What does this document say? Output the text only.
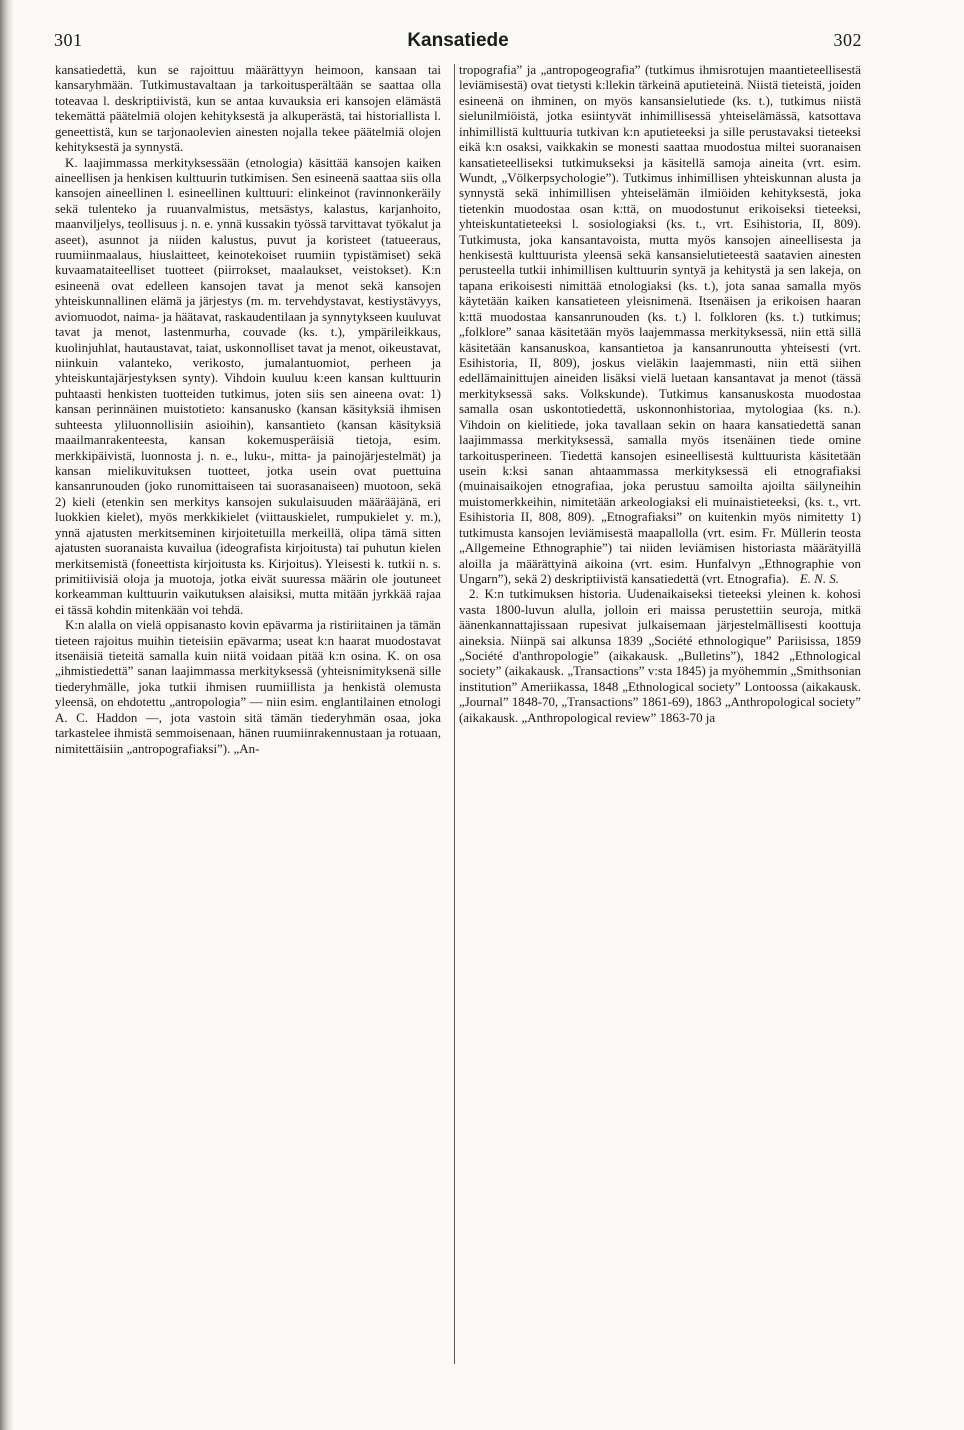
301	Kansatiede	302

kansatiedettä, kun se rajoittuu määrättyyn heimoon, kansaan tai kansaryhmään. Tutkimustavaltaan ja tarkoitusperältään se saattaa olla toteavaa l. deskriptiivistä, kun se antaa kuvauksia eri kansojen elämästä tekemättä päätelmiä olojen kehityksestä ja alkuperästä, tai historiallista l. geneettistä, kun se tarjonaolevien ainesten nojalla tekee päätelmiä olojen kehityksestä ja synnystä.

K. laajimmassa merkityksessään (etnologia) käsittää kansojen kaiken aineellisen ja henkisen kulttuurin tutkimisen. Sen esineenä saattaa siis olla kansojen aineellinen l. esineellinen kulttuuri: elinkeinot (ravinnonkeräily sekä tulenteko ja ruuanvalmistus, metsästys, kalastus, karjanhoito, maanviljelys, teollisuus j. n. e. ynnä kussakin työssä tarvittavat työkalut ja aseet), asunnot ja niiden kalustus, puvut ja koristeet (tatueeraus, ruumiinmaalaus, hiuslaitteet, keinotekoiset ruumiin typistämiset) sekä kuvaamataiteelliset tuotteet (piirrokset, maalaukset, veistokset). K:n esineenä ovat edelleen kansojen tavat ja menot sekä kansojen yhteiskunnallinen elämä ja järjestys (m. m. tervehdystavat, kestiystävyys, aviomuodot, naima- ja häätavat, raskaudentilaan ja synnytykseen kuuluvat tavat ja menot, lastenmurha, couvade (ks. t.), ympärileikkaus, kuolinjuhlat, hautaustavat, taiat, uskonnolliset tavat ja menot, oikeustavat, niinkuin valanteko, verikosto, jumalantuomiot, perheen ja yhteiskuntajärjestyksen synty). Vihdoin kuuluu k:een kansan kulttuurin puhtaasti henkisten tuotteiden tutkimus, joten siis sen aineena ovat: 1) kansan perinnäinen muistotieto: kansanusko (kansan käsityksiä ihmisen suhteesta yliluonnollisiin asioihin), kansantieto (kansan käsityksiä maailmanrakenteesta, kansan kokemusperäisiä tietoja, esim. merkkipäivistä, luonnosta j. n. e., luku-, mitta- ja painojärjestelmät) ja kansan mielikuvituksen tuotteet, jotka usein ovat puettuina kansanrunouden (joko runomittaiseen tai suorasanaiseen) muotoon, sekä 2) kieli (etenkin sen merkitys kansojen sukulaisuuden määrääjänä, eri luokkien kielet), myös merkkikielet (viittauskielet, rumpukielet y. m.), ynnä ajatusten merkitseminen kirjoitetuilla merkeillä, olipa tämä sitten ajatusten suoranaista kuvailua (ideografista kirjoitusta) tai puhutun kielen merkitsemistä (foneettista kirjoitusta ks. Kirjoitus). Yleisesti k. tutkii n. s. primitiivisiä oloja ja muotoja, jotka eivät suuressa määrin ole joutuneet korkeamman kulttuurin vaikutuksen alaisiksi, mutta mitään jyrkkää rajaa ei tässä kohdin mitenkään voi tehdä.

K:n alalla on vielä oppisanasto kovin epävarma ja ristiriitainen ja tämän tieteen rajoitus muihin tieteisiin epävarma; useat k:n haarat muodostavat itsenäisiä tieteitä samalla kuin niitä voidaan pitää k:n osina. K. on osa „ihmistiedettä” sanan laajimmassa merkityksessä (yhteisnimityksenä sille tiederyhmälle, joka tutkii ihmisen ruumiillista ja henkistä olemusta yleensä, on ehdotettu „antropologia” — niin esim. englantilainen etnologi A. C. Haddon —, jota vastoin sitä tämän tiederyhmän osaa, joka tarkastelee ihmistä semmoisenaan, hänen ruumiinrakennustaan ja rotuaan, nimitettäisiin „antropografiaksi”). „An-

tropografia” ja „antropogeografia” (tutkimus ihmisrotujen maantieteellisestä leviämisestä) ovat tietysti k:llekin tärkeinä aputieteinä. Niistä tieteistä, joiden esineenä on ihminen, on myös kansansielutiede (ks. t.), tutkimus niistä sielunilmiöistä, jotka esiintyvät inhimillisessä yhteiselämässä, katsottava inhimillistä kulttuuria tutkivan k:n aputieteeksi ja sille perustavaksi tieteeksi eikä k:n osaksi, vaikkakin se monesti saattaa muodostua miltei suoranaisen kansatieteelliseksi tutkimukseksi ja käsitellä samoja aineita (vrt. esim. Wundt, „Völkerpsychologie”). Tutkimus inhimillisen yhteiskunnan alusta ja synnystä sekä inhimillisen yhteiselämän ilmiöiden kehityksestä, joka tietenkin muodostaa osan k:ttä, on muodostunut erikoiseksi tieteeksi, yhteiskuntatieteeksi l. sosiologiaksi (ks. t., vrt. Esihistoria, II, 809). Tutkimusta, joka kansantavoista, mutta myös kansojen aineellisesta ja henkisestä kulttuurista yleensä sekä kansansielutieteestä saatavien ainesten perusteella tutkii inhimillisen kulttuurin syntyä ja kehitystä ja sen lakeja, on tapana erikoisesti nimittää etnologiaksi (ks. t.), jota sanaa samalla myös käytetään kaiken kansatieteen yleisnimenä. Itsenäisen ja erikoisen haaran k:ttä muodostaa kansanrunouden (ks. t.) l. folkloren (ks. t.) tutkimus; „folklore” sanaa käsitetään myös laajemmassa merkityksessä, niin että sillä käsitetään kansanuskoa, kansantietoa ja kansanrunoutta yhteisesti (vrt. Esihistoria, II, 809), joskus vieläkin laajemmasti, niin että siihen edellämainittujen aineiden lisäksi vielä luetaan kansantavat ja menot (tässä merkityksessä saks. Volkskunde). Tutkimus kansanuskosta muodostaa samalla osan uskontotiedettä, uskonnonhistoriaa, mytologiaa (ks. n.). Vihdoin on kielitiede, joka tavallaan sekin on haara kansatiedettä sanan laajimmassa merkityksessä, samalla myös itsenäinen tiede omine tarkoitusperineen. Tiedettä kansojen esineellisestä kulttuurista käsitetään usein k:ksi sanan ahtaammassa merkityksessä eli etnografiaksi (muinaisaikojen etnografiaa, joka perustuu samoilta ajoilta säilyneihin muistomerkkeihin, nimitetään arkeologiaksi eli muinaistieteeksi, (ks. t., vrt. Esihistoria II, 808, 809). „Etnografiaksi” on kuitenkin myös nimitetty 1) tutkimusta kansojen leviämisestä maapallolla (vrt. esim. Fr. Müllerin teosta „Allgemeine Ethnographie”) tai niiden leviämisen historiasta määrätyillä aloilla ja määrättyinä aikoina (vrt. esim. Hunfalvyn „Ethnographie von Ungarn”), sekä 2) deskriptiivistä kansatiedettä (vrt. Etnografia). E. N. S.

2. K:n tutkimuksen historia. Uudenaikaiseksi tieteeksi yleinen k. kohosi vasta 1800-luvun alulla, jolloin eri maissa perustettiin seuroja, mitkä äänenkannattajissaan rupesivat julkaisemaan järjestelmällisesti koottuja aineksia. Niinpä sai alkunsa 1839 „Société ethnologique” Pariisissa, 1859 „Société d'anthropologie” (aikakausk. „Bulletins”), 1842 „Ethnological society” (aikakausk. „Transactions” v:sta 1845) ja myöhemmin „Smithsonian institution” Ameriikassa, 1848 „Ethnological society” Lontoossa (aikakausk. „Journal” 1848-70, „Transactions” 1861-69), 1863 „Anthropological society” (aikakausk. „Anthropological review” 1863-70 ja
